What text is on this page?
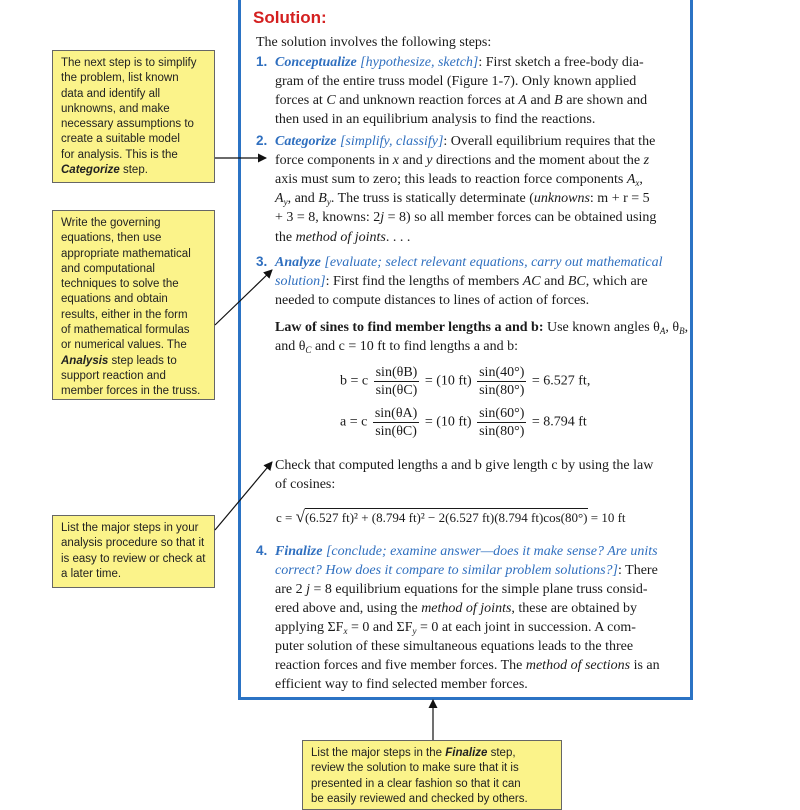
Solution:
The solution involves the following steps:
1. Conceptualize [hypothesize, sketch]: First sketch a free-body dia-
gram of the entire truss model (Figure 1-7). Only known applied
forces at C and unknown reaction forces at A and B are shown and
then used in an equilibrium analysis to find the reactions.
2. Categorize [simplify, classify]: Overall equilibrium requires that the
force components in x and y directions and the moment about the z
axis must sum to zero; this leads to reaction force components $A_x$,
$A_y$, and $B_y$. The truss is statically determinate (unknowns: m + r = 5
+ 3 = 8, knowns: 2j = 8) so all member forces can be obtained using
the method of joints. . . .
3. Analyze [evaluate; select relevant equations, carry out mathematical
solution]: First find the lengths of members AC and BC, which are
needed to compute distances to lines of action of forces.
Law of sines to find member lengths a and b: Use known angles $\theta_A$, $\theta_B$,
and $\theta_C$ and c = 10 ft to find lengths a and b:
b = c $\frac{\sin(\theta B)}{\sin(\theta C)} = (10$ $ft) \frac{\sin(40^\circ)}{\sin(80^\circ)} = 6.527$ ft,
a = c $\frac{\sin(\theta A)}{\sin(\theta C)} = (10$ $ft) \frac{\sin(60^\circ)}{\sin(80^\circ)} = 8.794$ ft
Check that computed lengths a and b give length c by using the law
of cosines:
c = √(6.527 ft)² + (8.794 ft)² − 2(6.527 ft)(8.794 ft)cos(80°) = 10 ft
4. Finalize [conclude; examine answer—does it make sense? Are units
correct? How does it compare to similar problem solutions?]: There
are 2 j = 8 equilibrium equations for the simple plane truss consid-
ered above and, using the method of joints, these are obtained by
applying $\Sigma F_x = 0$ and $\Sigma F_y = 0$ at each joint in succession. A com-
puter solution of these simultaneous equations leads to the three
reaction forces and five member forces. The method of sections is an
efficient way to find selected member forces.
The next step is to simplify
the problem, list known
data and identify all
unknowns, and make
necessary assumptions to
create a suitable model
for analysis. This is the
Categorize step.
Write the governing
equations, then use
appropriate mathematical
and computational
techniques to solve the
equations and obtain
results, either in the form
of mathematical formulas
or numerical values. The
Analysis step leads to
support reaction and
member forces in the truss.
List the major steps in your
analysis procedure so that it
is easy to review or check at
a later time.
List the major steps in the Finalize step,
review the solution to make sure that it is
presented in a clear fashion so that it can
be easily reviewed and checked by others.
